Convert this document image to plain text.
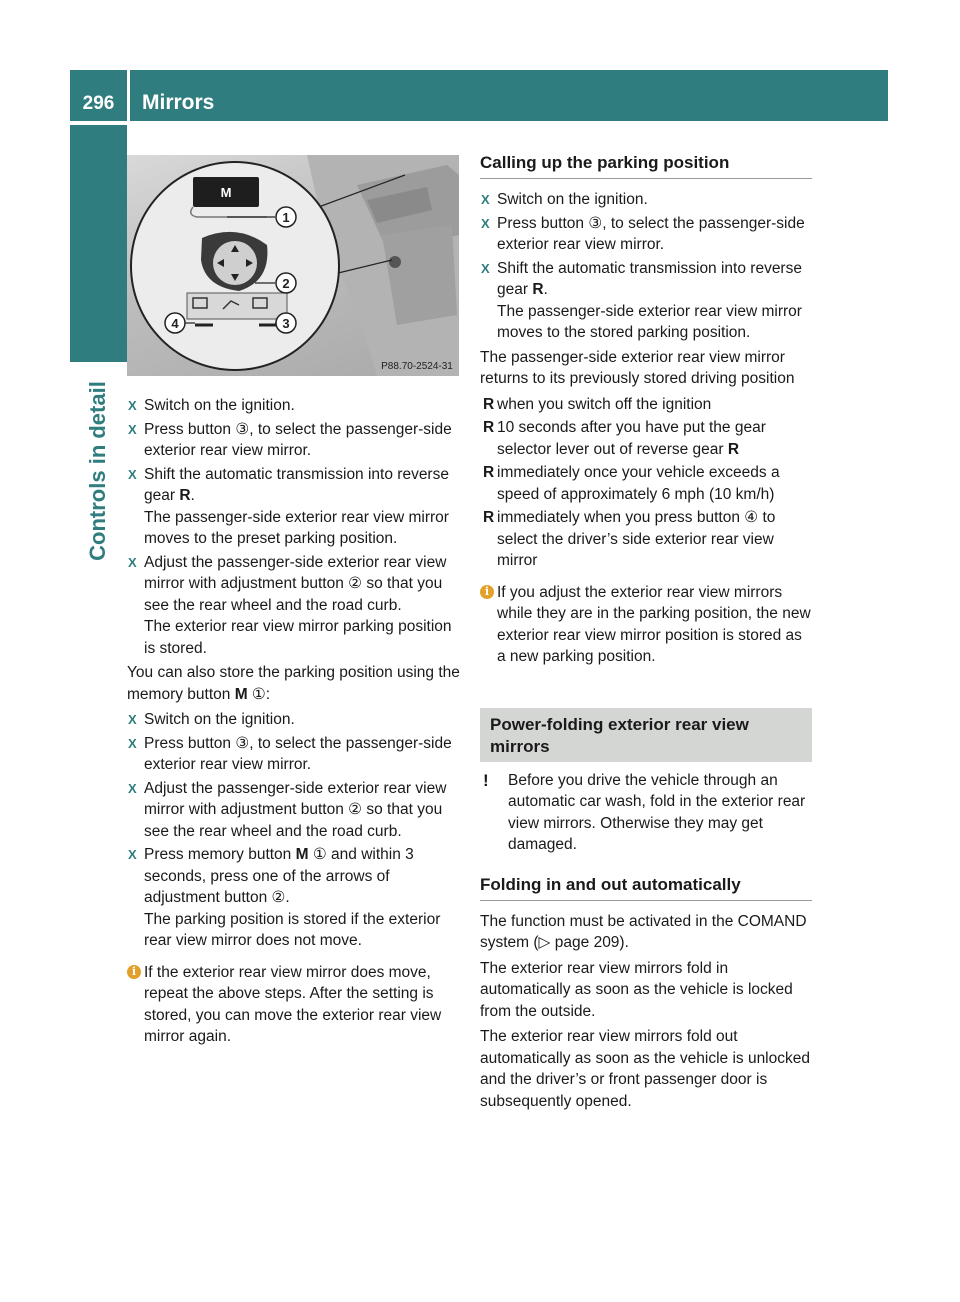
296	Mirrors
Controls in detail
M
1
2
3
4
P88.70-2524-31
X Switch on the ignition.
X Press button ③, to select the passenger-side exterior rear view mirror.
X Shift the automatic transmission into reverse gear R.
The passenger-side exterior rear view mirror moves to the preset parking position.
X Adjust the passenger-side exterior rear view mirror with adjustment button ② so that you see the rear wheel and the road curb.
The exterior rear view mirror parking position is stored.
You can also store the parking position using the memory button M ①:
X Switch on the ignition.
X Press button ③, to select the passenger-side exterior rear view mirror.
X Adjust the passenger-side exterior rear view mirror with adjustment button ② so that you see the rear wheel and the road curb.
X Press memory button M ① and within 3 seconds, press one of the arrows of adjustment button ②.
The parking position is stored if the exterior rear view mirror does not move.
i If the exterior rear view mirror does move, repeat the above steps. After the setting is stored, you can move the exterior rear view mirror again.
Calling up the parking position
X Switch on the ignition.
X Press button ③, to select the passenger-side exterior rear view mirror.
X Shift the automatic transmission into reverse gear R.
The passenger-side exterior rear view mirror moves to the stored parking position.
The passenger-side exterior rear view mirror returns to its previously stored driving position
R when you switch off the ignition
R 10 seconds after you have put the gear selector lever out of reverse gear R
R immediately once your vehicle exceeds a speed of approximately 6 mph (10 km/h)
R immediately when you press button ④ to select the driver’s side exterior rear view mirror
i If you adjust the exterior rear view mirrors while they are in the parking position, the new exterior rear view mirror position is stored as a new parking position.
Power-folding exterior rear view mirrors
! Before you drive the vehicle through an automatic car wash, fold in the exterior rear view mirrors. Otherwise they may get damaged.
Folding in and out automatically
The function must be activated in the COMAND system (▷ page 209).
The exterior rear view mirrors fold in automatically as soon as the vehicle is locked from the outside.
The exterior rear view mirrors fold out automatically as soon as the vehicle is unlocked and the driver’s or front passenger door is subsequently opened.
